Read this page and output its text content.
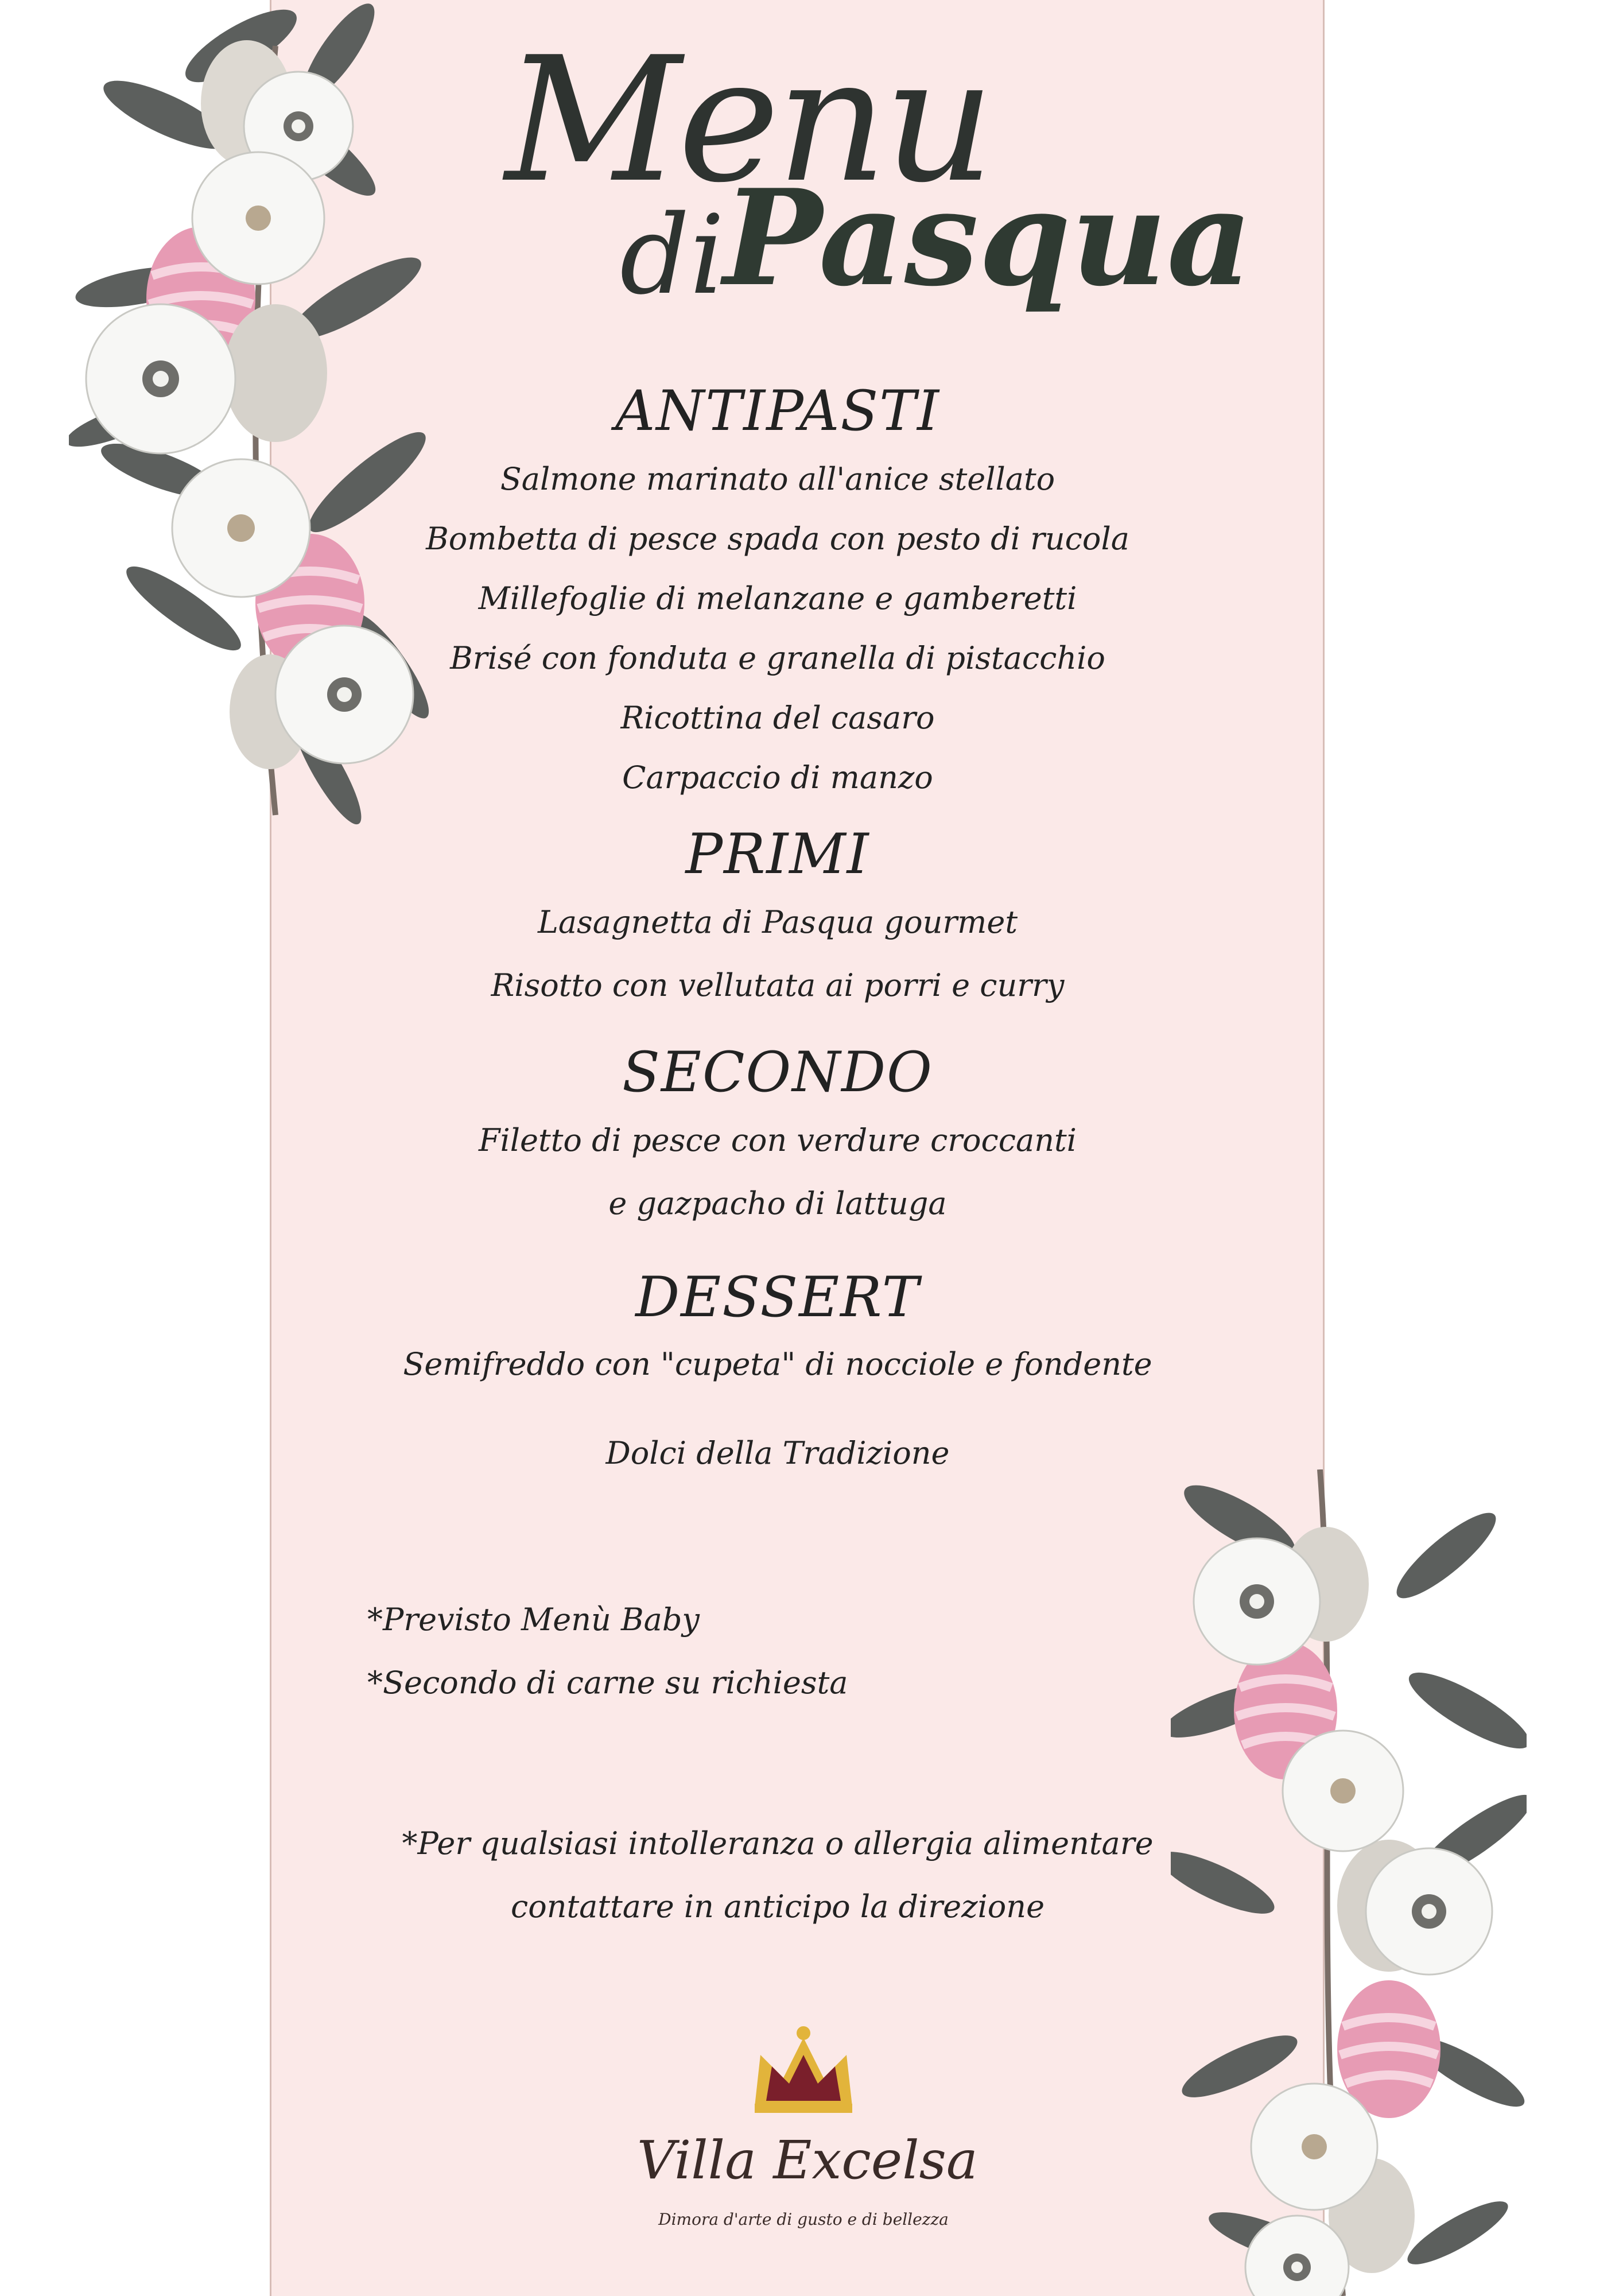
Menu
di
Pasqua
ANTIPASTI
Salmone marinato all'anice stellato
Bombetta di pesce spada con pesto di rucola
Millefoglie di melanzane e gamberetti
Brisé con fonduta e granella di pistacchio
Ricottina del casaro
Carpaccio di manzo
PRIMI
Lasagnetta di Pasqua gourmet
Risotto con vellutata ai porri e curry
SECONDO
Filetto di pesce con verdure croccanti
e gazpacho di lattuga
DESSERT
Semifreddo con "cupeta" di nocciole e fondente
Dolci della Tradizione
*Previsto Menù Baby
*Secondo di carne su richiesta
*Per qualsiasi intolleranza o allergia alimentare
contattare in anticipo la direzione
Villa Excelsa
Dimora d'arte di gusto e di bellezza
